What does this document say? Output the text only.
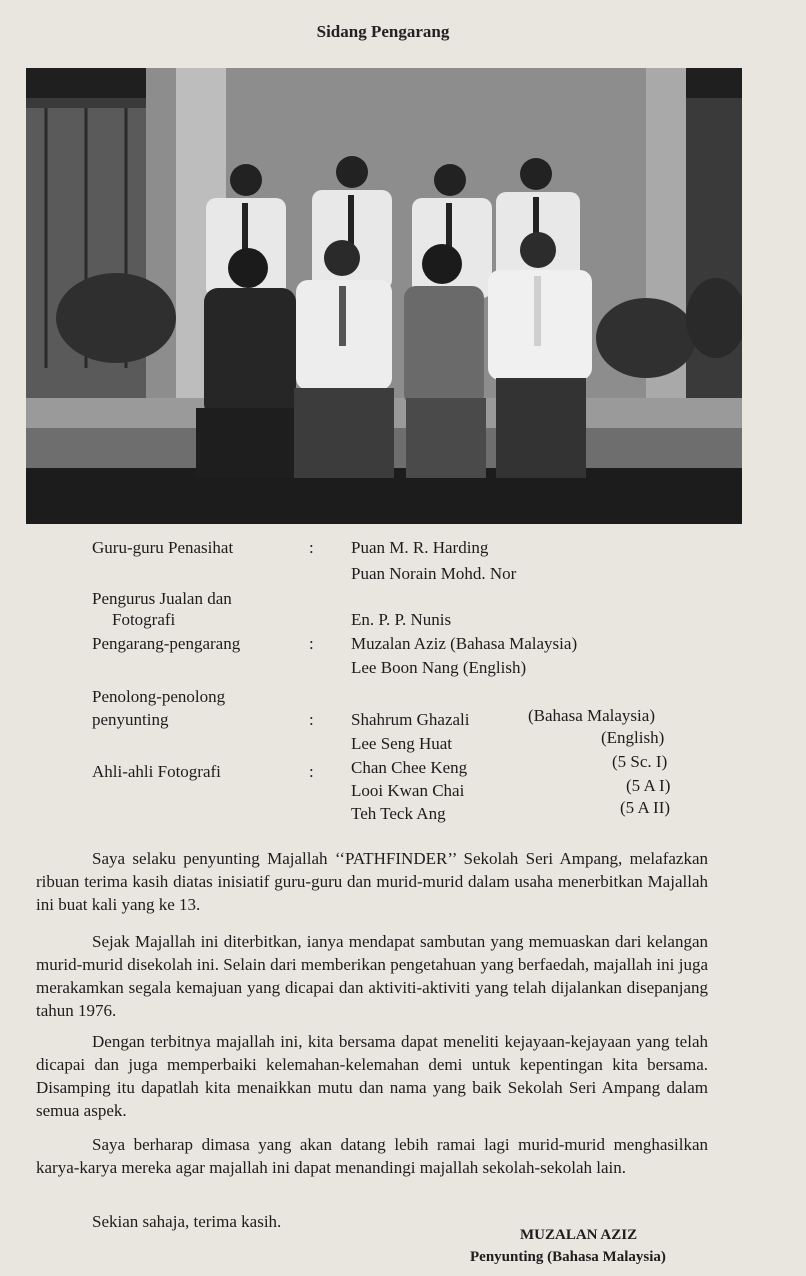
Sidang Pengarang
Guru-guru Penasihat	: Puan M. R. Harding
Puan Norain Mohd. Nor
Pengurus Jualan dan
Fotografi	En. P. P. Nunis
Pengarang-pengarang	: Muzalan Aziz (Bahasa Malaysia)
Lee Boon Nang (English)
Penolong-penolong
penyunting	: Shahrum Ghazali	(Bahasa Malaysia)
Lee Seng Huat	(English)
Ahli-ahli Fotografi	: Chan Chee Keng	(5 Sc. I)
Looi Kwan Chai	(5 A I)
Teh Teck Ang	(5 A II)

Saya selaku penyunting Majallah ‘‘PATHFINDER’’ Sekolah Seri Ampang, melafazkan ribuan terima kasih diatas inisiatif guru-guru dan murid-murid dalam usaha menerbitkan Majallah ini buat kali yang ke 13.

Sejak Majallah ini diterbitkan, ianya mendapat sambutan yang memuaskan dari kelangan murid-murid disekolah ini. Selain dari memberikan pengetahuan yang berfaedah, majallah ini juga merakamkan segala kemajuan yang dicapai dan aktiviti-aktiviti yang telah dijalankan disepanjang tahun 1976.

Dengan terbitnya majallah ini, kita bersama dapat meneliti kejayaan-kejayaan yang telah dicapai dan juga memperbaiki kelemahan-kelemahan demi untuk kepentingan kita bersama. Disamping itu dapatlah kita menaikkan mutu dan nama yang baik Sekolah Seri Ampang dalam semua aspek.

Saya berharap dimasa yang akan datang lebih ramai lagi murid-murid menghasilkan karya-karya mereka agar majallah ini dapat menandingi majallah sekolah-sekolah lain.

Sekian sahaja, terima kasih.
MUZALAN AZIZ
Penyunting (Bahasa Malaysia)
